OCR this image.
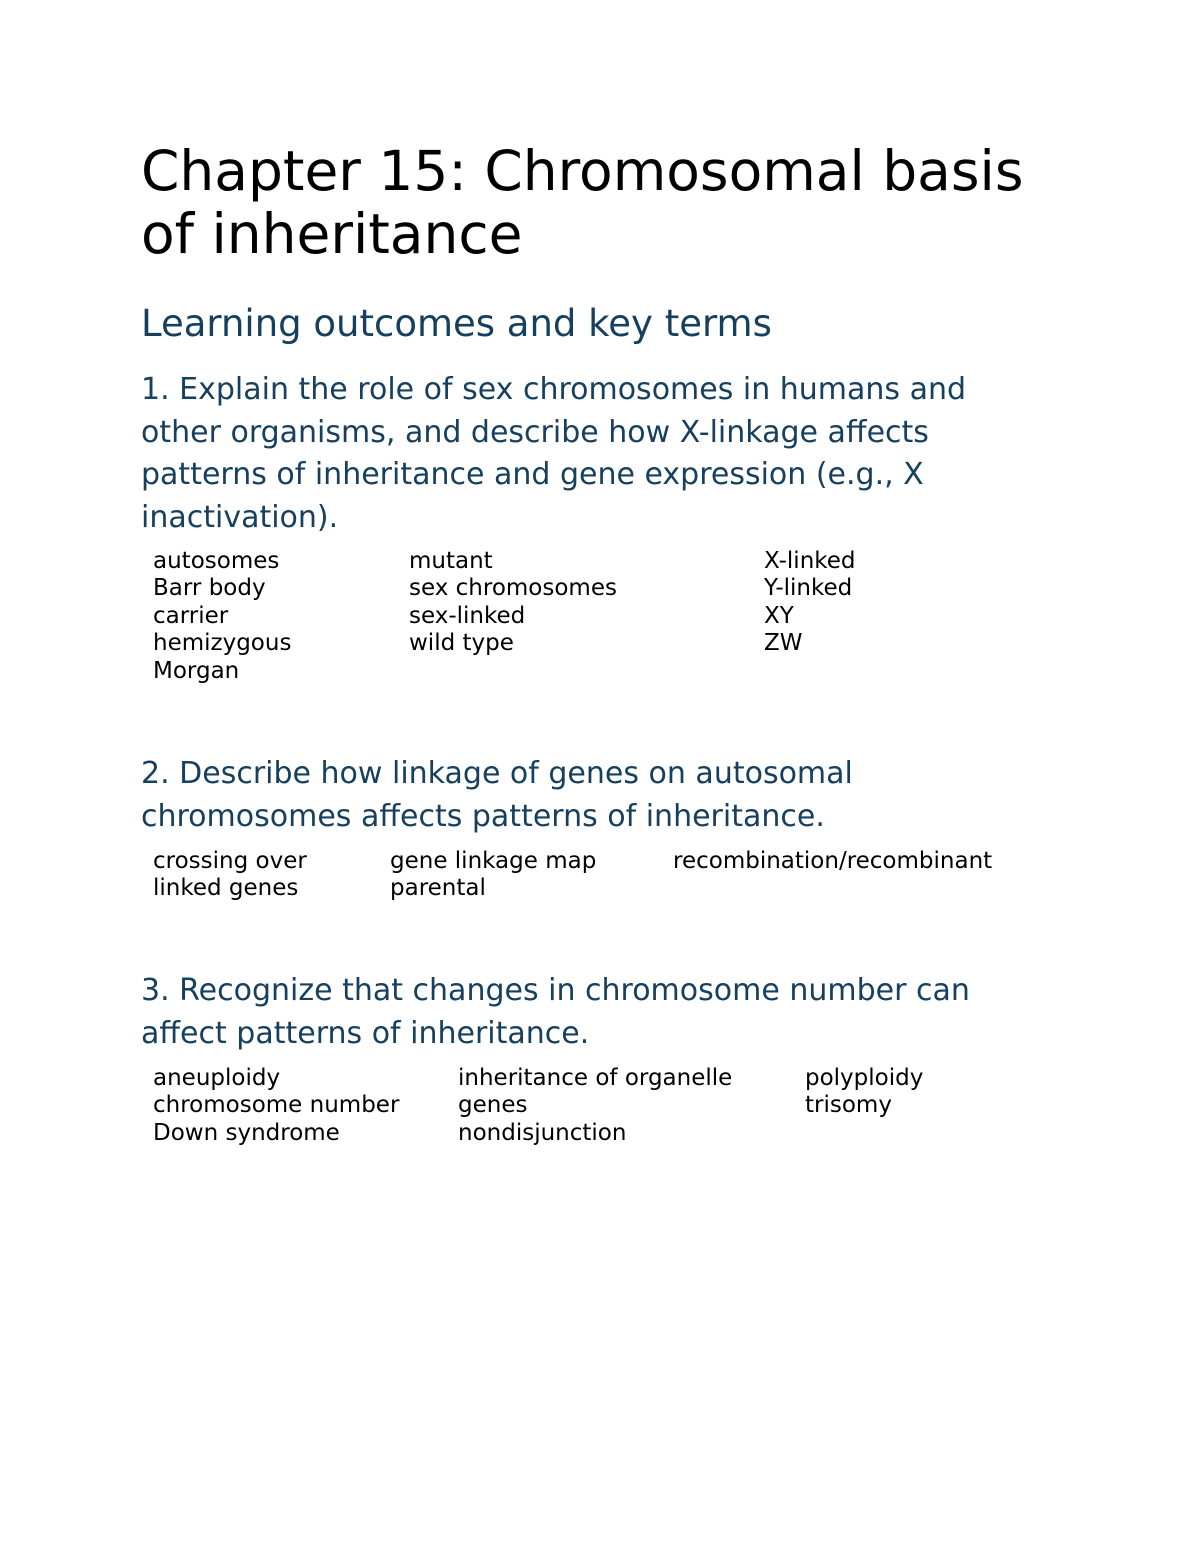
Chapter 15: Chromosomal basis
of inheritance
Learning outcomes and key terms
1. Explain the role of sex chromosomes in humans and
other organisms, and describe how X-linkage affects
patterns of inheritance and gene expression (e.g., X
inactivation).
autosomes
Barr body
carrier
hemizygous
Morgan
mutant
sex chromosomes
sex-linked
wild type
X-linked
Y-linked
XY
ZW
2. Describe how linkage of genes on autosomal
chromosomes affects patterns of inheritance.
crossing over
linked genes
gene linkage map
parental
recombination/recombinant
3. Recognize that changes in chromosome number can
affect patterns of inheritance.
aneuploidy
chromosome number
Down syndrome
inheritance of organelle
genes
nondisjunction
polyploidy
trisomy
